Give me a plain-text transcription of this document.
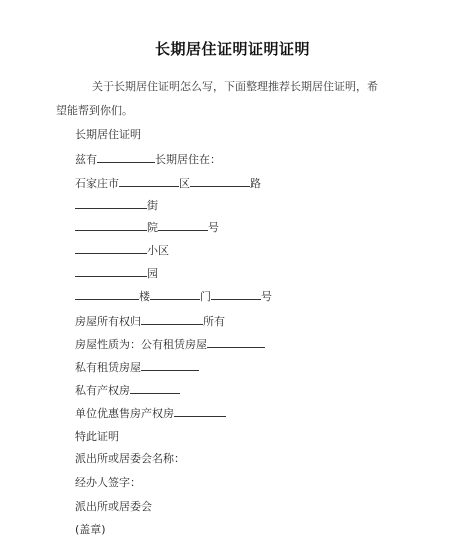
长期居住证明证明证明
关于长期居住证明怎么写，下面整理推荐长期居住证明，希望能帮到你们。
长期居住证明
兹有	长期居住在：
石家庄市	区	路
街
院	号
小区
园
楼	门	号
房屋所有权归	所有
房屋性质为：公有租赁房屋
私有租赁房屋
私有产权房
单位优惠售房产权房
特此证明
派出所或居委会名称：
经办人签字：
派出所或居委会
(盖章)
